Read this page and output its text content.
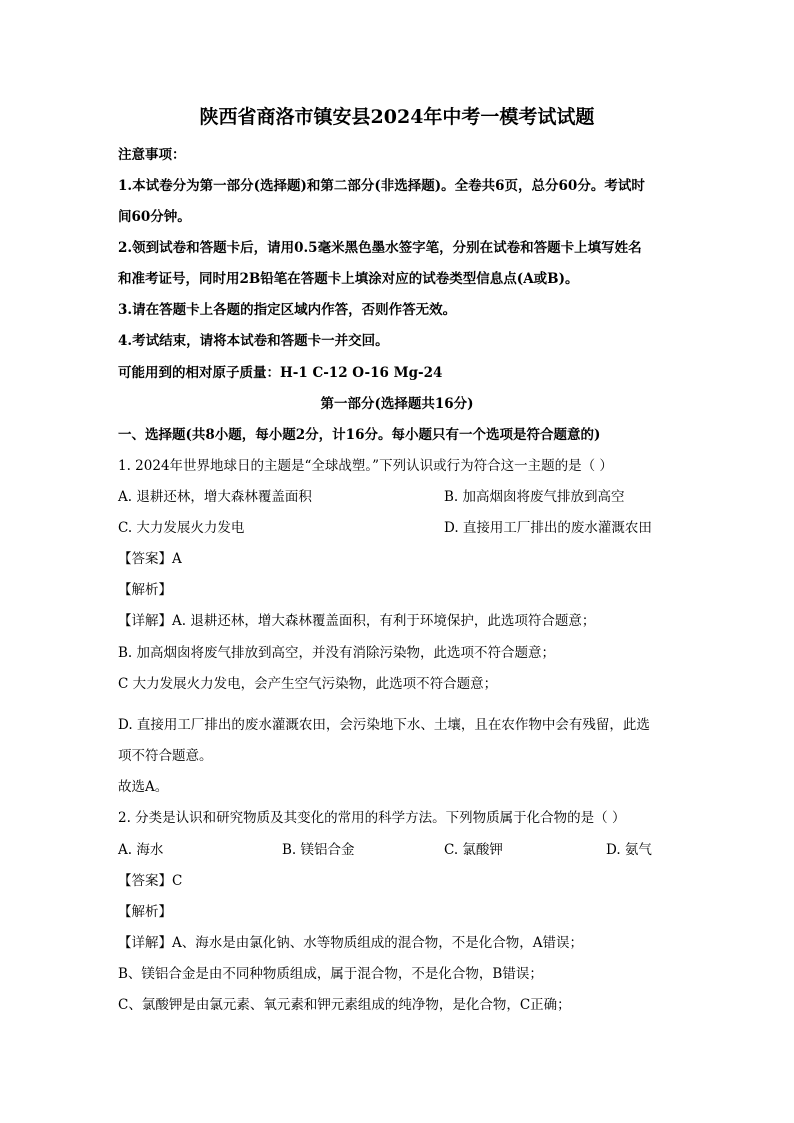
陕西省商洛市镇安县2024年中考一模考试试题
注意事项：
1.本试卷分为第一部分(选择题)和第二部分(非选择题)。全卷共6页，总分60分。考试时
间60分钟。
2.领到试卷和答题卡后，请用0.5毫米黑色墨水签字笔，分别在试卷和答题卡上填写姓名
和准考证号，同时用2B铅笔在答题卡上填涂对应的试卷类型信息点(A或B)。
3.请在答题卡上各题的指定区域内作答，否则作答无效。
4.考试结束，请将本试卷和答题卡一并交回。
可能用到的相对原子质量：H-1 C-12 O-16 Mg-24
第一部分(选择题共16分)
一、选择题(共8小题，每小题2分，计16分。每小题只有一个选项是符合题意的)
1. 2024年世界地球日的主题是“全球战塑。”下列认识或行为符合这一主题的是（ ）
A. 退耕还林，增大森林覆盖面积	B. 加高烟囱将废气排放到高空
C. 大力发展火力发电	D. 直接用工厂排出的废水灌溉农田
【答案】A
【解析】
【详解】A. 退耕还林，增大森林覆盖面积，有利于环境保护，此选项符合题意；
B. 加高烟囱将废气排放到高空，并没有消除污染物，此选项不符合题意；
C 大力发展火力发电，会产生空气污染物，此选项不符合题意；
D. 直接用工厂排出的废水灌溉农田，会污染地下水、土壤，且在农作物中会有残留，此选
项不符合题意。
故选A。
2. 分类是认识和研究物质及其变化的常用的科学方法。下列物质属于化合物的是（ ）
A. 海水	B. 镁铝合金	C. 氯酸钾	D. 氨气
【答案】C
【解析】
【详解】A、海水是由氯化钠、水等物质组成的混合物，不是化合物，A错误；
B、镁铝合金是由不同种物质组成，属于混合物，不是化合物，B错误；
C、氯酸钾是由氯元素、氧元素和钾元素组成的纯净物，是化合物，C正确；
